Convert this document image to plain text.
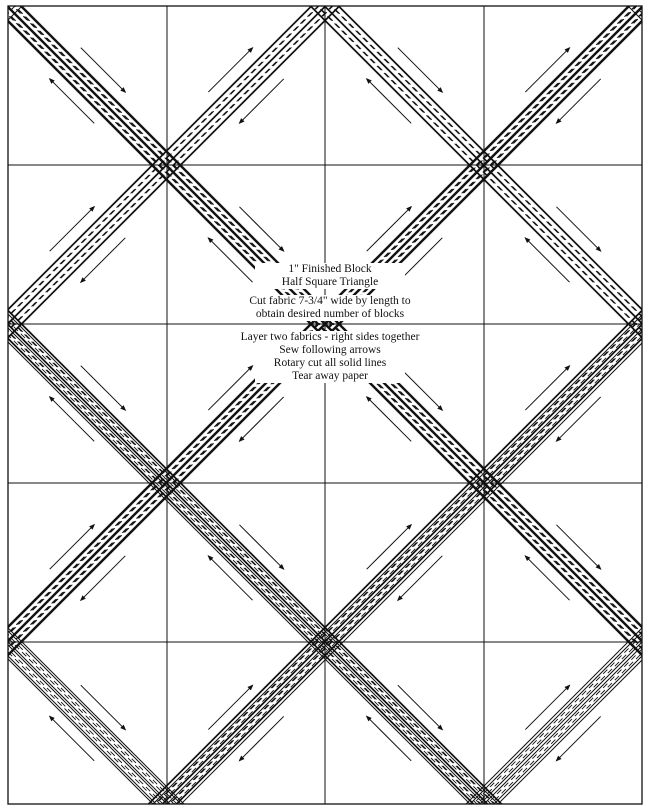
1" Finished Block
Half Square Triangle
Cut fabric 7-3/4" wide by length to
obtain desired number of blocks
Layer two fabrics - right sides together
Sew following arrows
Rotary cut all solid lines
Tear away paper
